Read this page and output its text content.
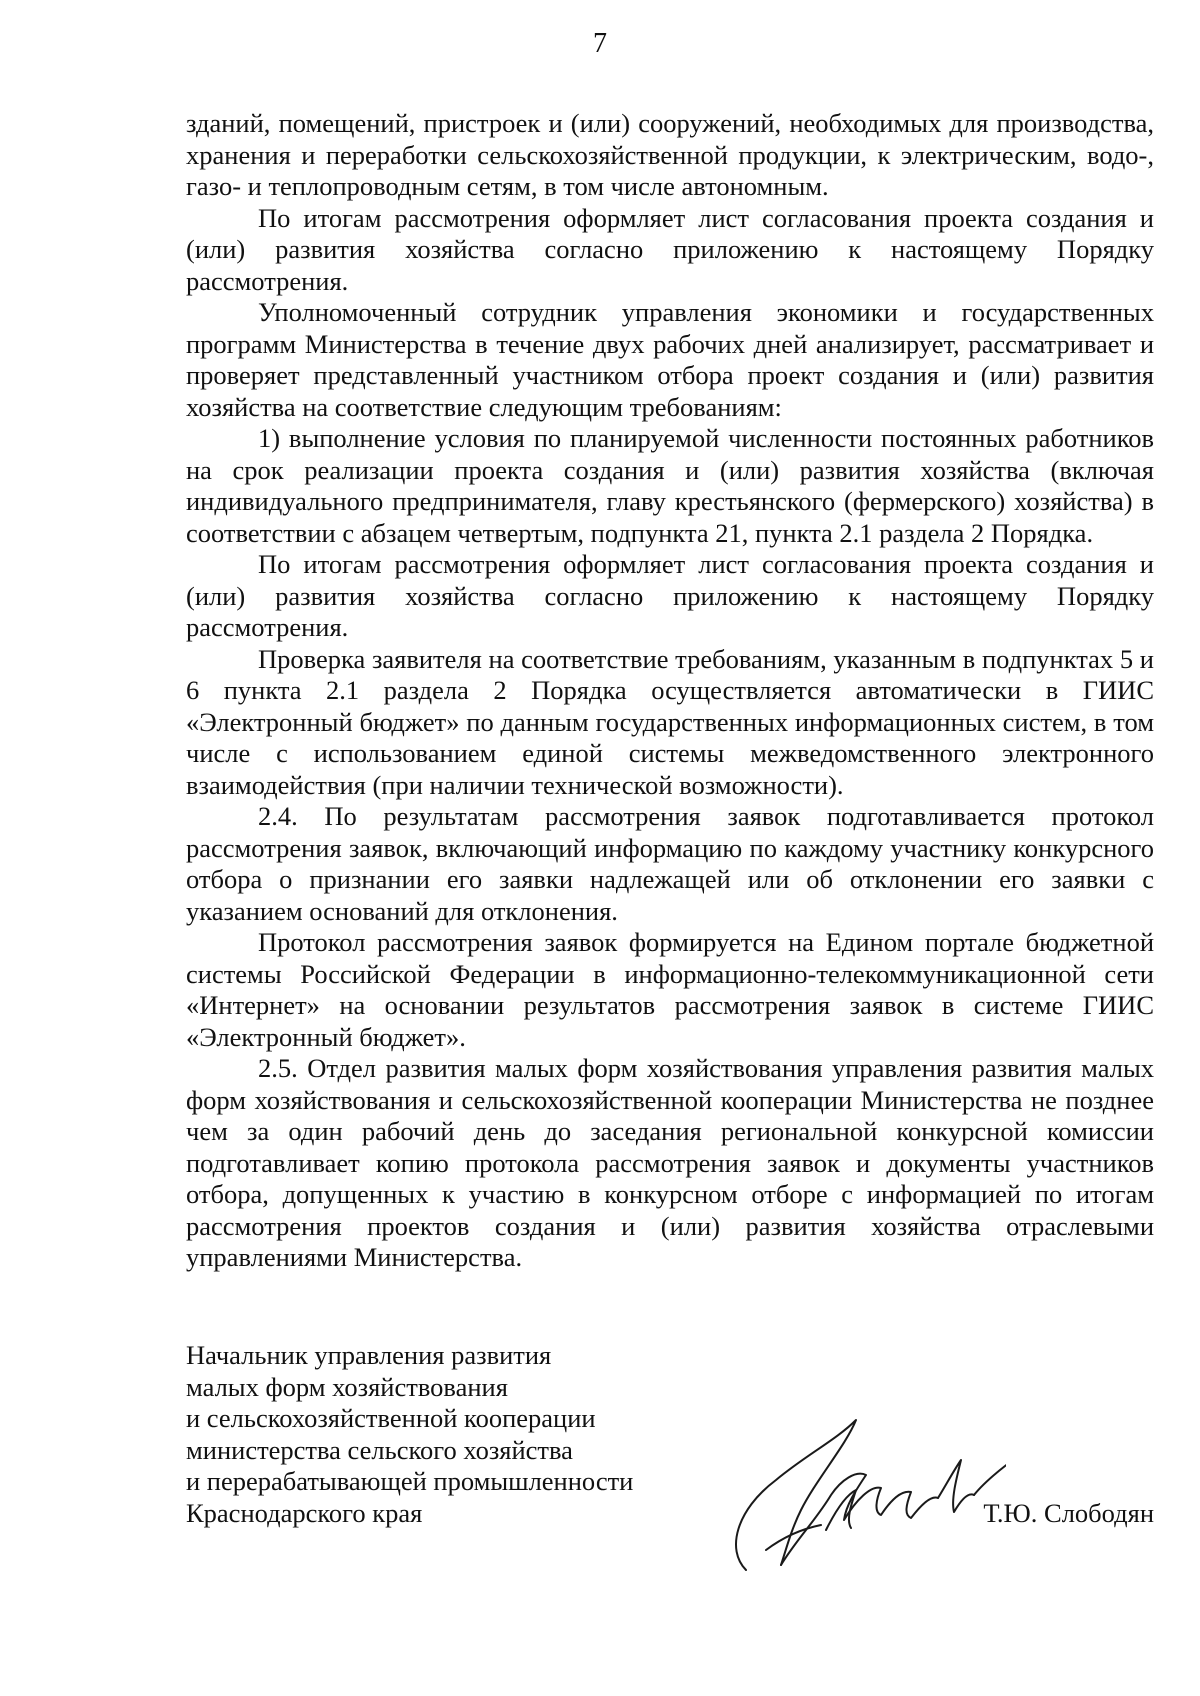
7

зданий, помещений, пристроек и (или) сооружений, необходимых для производства, хранения и переработки сельскохозяйственной продукции, к электрическим, водо-, газо- и теплопроводным сетям, в том числе автономным.

По итогам рассмотрения оформляет лист согласования проекта создания и (или) развития хозяйства согласно приложению к настоящему Порядку рассмотрения.

Уполномоченный сотрудник управления экономики и государственных программ Министерства в течение двух рабочих дней анализирует, рассматривает и проверяет представленный участником отбора проект создания и (или) развития хозяйства на соответствие следующим требованиям:

1) выполнение условия по планируемой численности постоянных работников на срок реализации проекта создания и (или) развития хозяйства (включая индивидуального предпринимателя, главу крестьянского (фермерского) хозяйства) в соответствии с абзацем четвертым, подпункта 21, пункта 2.1 раздела 2 Порядка.

По итогам рассмотрения оформляет лист согласования проекта создания и (или) развития хозяйства согласно приложению к настоящему Порядку рассмотрения.

Проверка заявителя на соответствие требованиям, указанным в подпунктах 5 и 6 пункта 2.1 раздела 2 Порядка осуществляется автоматически в ГИИС «Электронный бюджет» по данным государственных информационных систем, в том числе с использованием единой системы межведомственного электронного взаимодействия (при наличии технической возможности).

2.4. По результатам рассмотрения заявок подготавливается протокол рассмотрения заявок, включающий информацию по каждому участнику конкурсного отбора о признании его заявки надлежащей или об отклонении его заявки с указанием оснований для отклонения.

Протокол рассмотрения заявок формируется на Едином портале бюджетной системы Российской Федерации в информационно-телекоммуникационной сети «Интернет» на основании результатов рассмотрения заявок в системе ГИИС «Электронный бюджет».

2.5. Отдел развития малых форм хозяйствования управления развития малых форм хозяйствования и сельскохозяйственной кооперации Министерства не позднее чем за один рабочий день до заседания региональной конкурсной комиссии подготавливает копию протокола рассмотрения заявок и документы участников отбора, допущенных к участию в конкурсном отборе с информацией по итогам рассмотрения проектов создания и (или) развития хозяйства отраслевыми управлениями Министерства.

Начальник управления развития
малых форм хозяйствования
и сельскохозяйственной кооперации
министерства сельского хозяйства
и перерабатывающей промышленности
Краснодарского края	Т.Ю. Слободян
